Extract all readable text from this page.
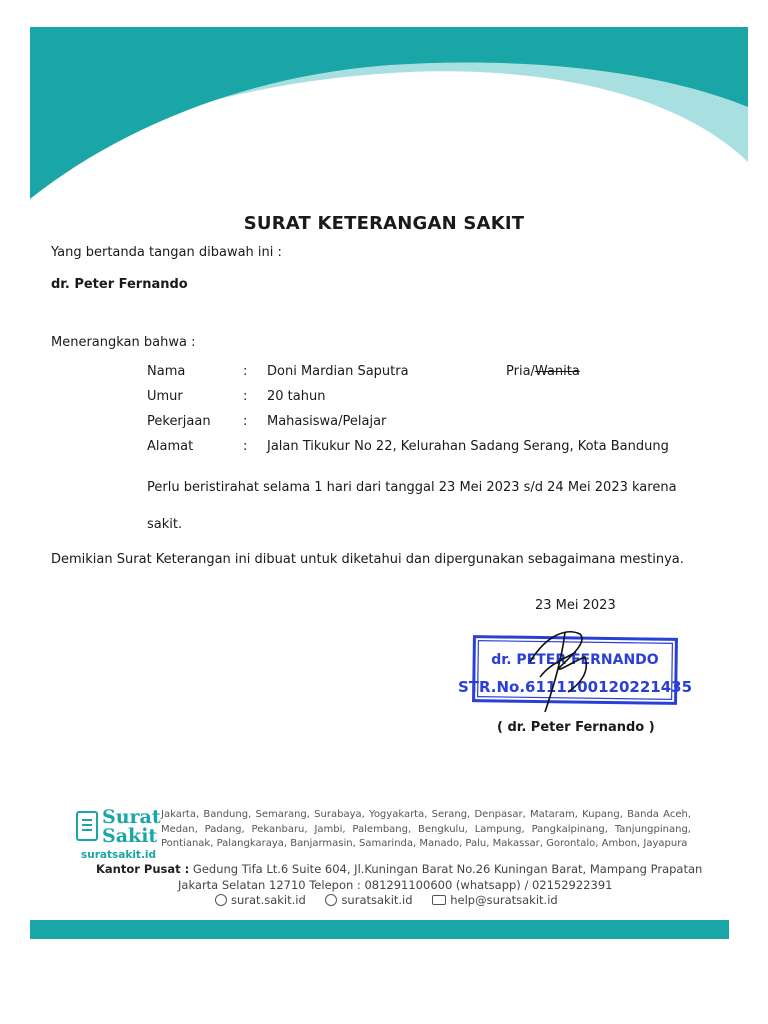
SURAT KETERANGAN SAKIT
Yang bertanda tangan dibawah ini :
dr. Peter Fernando
Menerangkan bahwa :
Nama	: Doni Mardian Saputra	Pria/Wanita
Umur	: 20 tahun
Pekerjaan : Mahasiswa/Pelajar
Alamat	: Jalan Tikukur No 22, Kelurahan Sadang Serang, Kota Bandung
Perlu beristirahat selama 1 hari dari tanggal 23 Mei 2023 s/d 24 Mei 2023 karena
sakit.
Demikian Surat Keterangan ini dibuat untuk diketahui dan dipergunakan sebagaimana mestinya.
23 Mei 2023
dr. PETER FERNANDO
STR.No.6111100120221435
( dr. Peter Fernando )
Surat
Sakit
suratsakit.id
Jakarta, Bandung, Semarang, Surabaya, Yogyakarta, Serang, Denpasar, Mataram, Kupang, Banda Aceh, Medan, Padang, Pekanbaru, Jambi, Palembang, Bengkulu, Lampung, Pangkalpinang, Tanjungpinang, Pontianak, Palangkaraya, Banjarmasin, Samarinda, Manado, Palu, Makassar, Gorontalo, Ambon, Jayapura
Kantor Pusat : Gedung Tifa Lt.6 Suite 604, Jl.Kuningan Barat No.26 Kuningan Barat, Mampang Prapatan
Jakarta Selatan 12710 Telepon : 081291100600 (whatsapp) / 02152922391
surat.sakit.id	suratsakit.id	help@suratsakit.id
